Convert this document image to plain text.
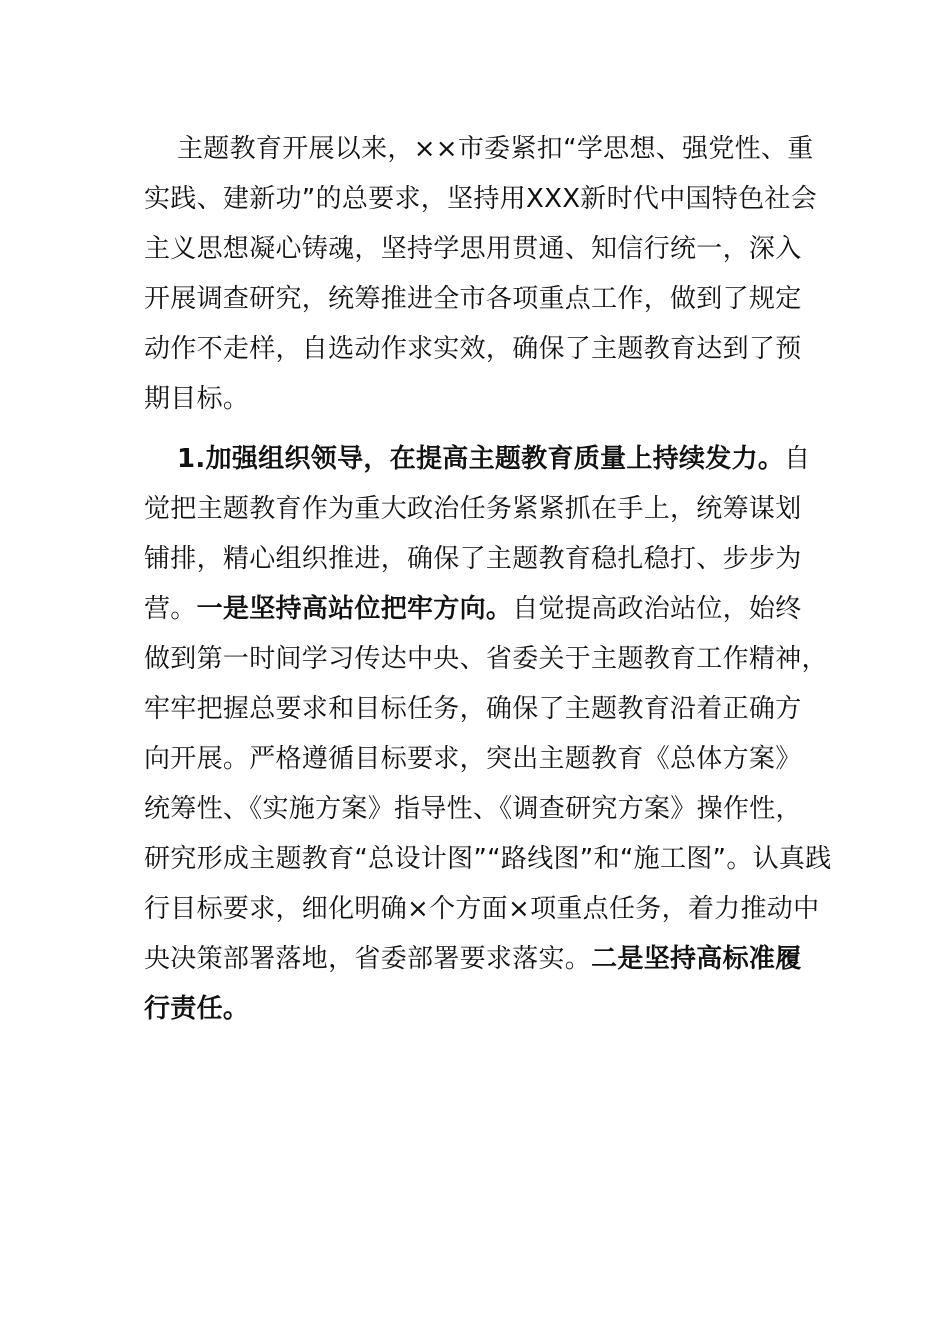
主题教育开展以来，××市委紧扣“学思想、强党性、重
实践、建新功”的总要求，坚持用XXX新时代中国特色社会
主义思想凝心铸魂，坚持学思用贯通、知信行统一，深入
开展调查研究，统筹推进全市各项重点工作，做到了规定
动作不走样，自选动作求实效，确保了主题教育达到了预
期目标。
1.加强组织领导，在提高主题教育质量上持续发力。自
觉把主题教育作为重大政治任务紧紧抓在手上，统筹谋划
铺排，精心组织推进，确保了主题教育稳扎稳打、步步为
营。一是坚持高站位把牢方向。自觉提高政治站位，始终
做到第一时间学习传达中央、省委关于主题教育工作精神，
牢牢把握总要求和目标任务，确保了主题教育沿着正确方
向开展。严格遵循目标要求，突出主题教育《总体方案》
统筹性、《实施方案》指导性、《调查研究方案》操作性，
研究形成主题教育“总设计图”“路线图”和“施工图”。认真践
行目标要求，细化明确×个方面×项重点任务，着力推动中
央决策部署落地，省委部署要求落实。二是坚持高标准履
行责任。
